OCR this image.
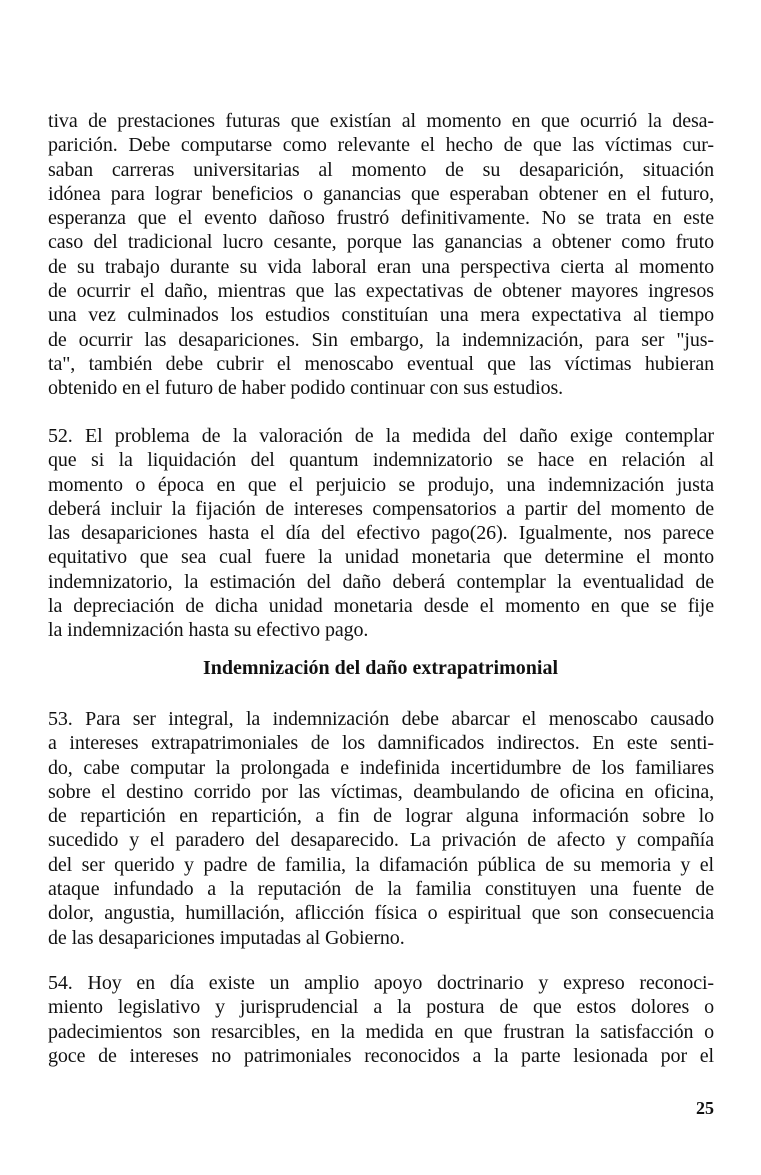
tiva de prestaciones futuras que existían al momento en que ocurrió la desa-
parición. Debe computarse como relevante el hecho de que las víctimas cur-
saban carreras universitarias al momento de su desaparición, situación
idónea para lograr beneficios o ganancias que esperaban obtener en el futuro,
esperanza que el evento dañoso frustró definitivamente. No se trata en este
caso del tradicional lucro cesante, porque las ganancias a obtener como fruto
de su trabajo durante su vida laboral eran una perspectiva cierta al momento
de ocurrir el daño, mientras que las expectativas de obtener mayores ingresos
una vez culminados los estudios constituían una mera expectativa al tiempo
de ocurrir las desapariciones. Sin embargo, la indemnización, para ser "jus-
ta", también debe cubrir el menoscabo eventual que las víctimas hubieran
obtenido en el futuro de haber podido continuar con sus estudios.
52. El problema de la valoración de la medida del daño exige contemplar
que si la liquidación del quantum indemnizatorio se hace en relación al
momento o época en que el perjuicio se produjo, una indemnización justa
deberá incluir la fijación de intereses compensatorios a partir del momento de
las desapariciones hasta el día del efectivo pago(26). Igualmente, nos parece
equitativo que sea cual fuere la unidad monetaria que determine el monto
indemnizatorio, la estimación del daño deberá contemplar la eventualidad de
la depreciación de dicha unidad monetaria desde el momento en que se fije
la indemnización hasta su efectivo pago.
Indemnización del daño extrapatrimonial
53. Para ser integral, la indemnización debe abarcar el menoscabo causado
a intereses extrapatrimoniales de los damnificados indirectos. En este senti-
do, cabe computar la prolongada e indefinida incertidumbre de los familiares
sobre el destino corrido por las víctimas, deambulando de oficina en oficina,
de repartición en repartición, a fin de lograr alguna información sobre lo
sucedido y el paradero del desaparecido. La privación de afecto y compañía
del ser querido y padre de familia, la difamación pública de su memoria y el
ataque infundado a la reputación de la familia constituyen una fuente de
dolor, angustia, humillación, aflicción física o espiritual que son consecuencia
de las desapariciones imputadas al Gobierno.
54. Hoy en día existe un amplio apoyo doctrinario y expreso reconoci-
miento legislativo y jurisprudencial a la postura de que estos dolores o
padecimientos son resarcibles, en la medida en que frustran la satisfacción o
goce de intereses no patrimoniales reconocidos a la parte lesionada por el
25
